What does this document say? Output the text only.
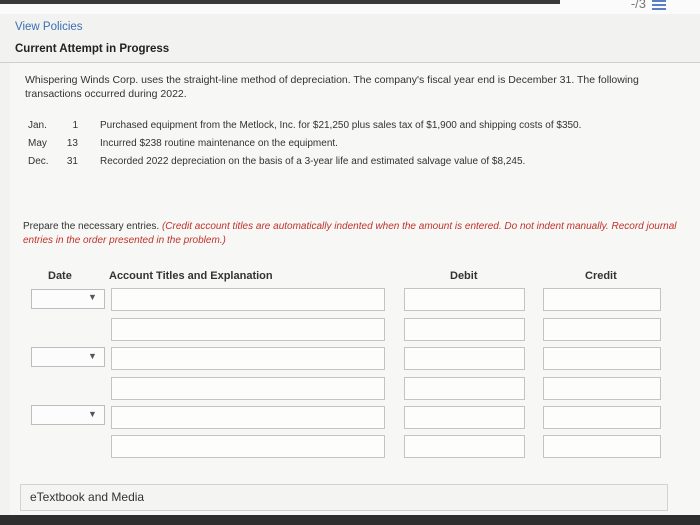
-/3
View Policies
Current Attempt in Progress
Whispering Winds Corp. uses the straight-line method of depreciation. The company's fiscal year end is December 31. The following transactions occurred during 2022.
Jan.	1 Purchased equipment from the Metlock, Inc. for $21,250 plus sales tax of $1,900 and shipping costs of $350.
May	13 Incurred $238 routine maintenance on the equipment.
Dec.	31 Recorded 2022 depreciation on the basis of a 3-year life and estimated salvage value of $8,245.
Prepare the necessary entries. (Credit account titles are automatically indented when the amount is entered. Do not indent manually. Record journal entries in the order presented in the problem.)
Date	Account Titles and Explanation	Debit	Credit
▼
▼
▼
eTextbook and Media
